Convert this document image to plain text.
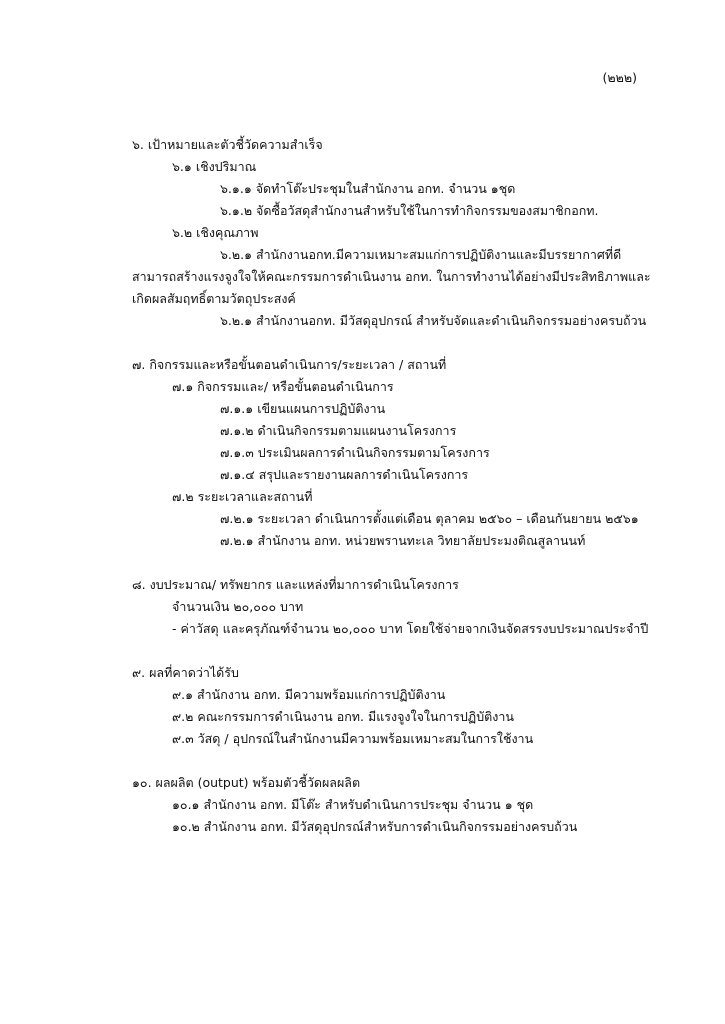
(๒๒๒)
๖. เป้าหมายและตัวชี้วัดความสำเร็จ
๖.๑ เชิงปริมาณ
๖.๑.๑ จัดทำโต๊ะประชุมในสำนักงาน อกท. จำนวน ๑ชุด
๖.๑.๒ จัดซื้อวัสดุสำนักงานสำหรับใช้ในการทำกิจกรรมของสมาชิกอกท.
๖.๒ เชิงคุณภาพ
๖.๒.๑ สำนักงานอกท.มีความเหมาะสมแก่การปฏิบัติงานและมีบรรยากาศที่ดี
สามารถสร้างแรงจูงใจให้คณะกรรมการดำเนินงาน อกท. ในการทำงานได้อย่างมีประสิทธิภาพและ
เกิดผลสัมฤทธิ์ตามวัตถุประสงค์
๖.๒.๑ สำนักงานอกท. มีวัสดุอุปกรณ์ สำหรับจัดและดำเนินกิจกรรมอย่างครบถ้วน
๗. กิจกรรมและหรือขั้นตอนดำเนินการ/ระยะเวลา / สถานที่
๗.๑ กิจกรรมและ/ หรือขั้นตอนดำเนินการ
๗.๑.๑ เขียนแผนการปฏิบัติงาน
๗.๑.๒ ดำเนินกิจกรรมตามแผนงานโครงการ
๗.๑.๓ ประเมินผลการดำเนินกิจกรรมตามโครงการ
๗.๑.๔ สรุปและรายงานผลการดำเนินโครงการ
๗.๒ ระยะเวลาและสถานที่
๗.๒.๑ ระยะเวลา ดำเนินการตั้งแต่เดือน ตุลาคม ๒๕๖๐ – เดือนกันยายน ๒๕๖๑
๗.๒.๑ สำนักงาน อกท. หน่วยพรานทะเล วิทยาลัยประมงติณสูลานนท์
๘. งบประมาณ/ ทรัพยากร และแหล่งที่มาการดำเนินโครงการ
จำนวนเงิน ๒๐,๐๐๐ บาท
- ค่าวัสดุ และครุภัณฑ์จำนวน ๒๐,๐๐๐ บาท โดยใช้จ่ายจากเงินจัดสรรงบประมาณประจำปี
๙. ผลที่คาดว่าได้รับ
๙.๑ สำนักงาน อกท. มีความพร้อมแก่การปฏิบัติงาน
๙.๒ คณะกรรมการดำเนินงาน อกท. มีแรงจูงใจในการปฏิบัติงาน
๙.๓ วัสดุ / อุปกรณ์ในสำนักงานมีความพร้อมเหมาะสมในการใช้งาน
๑๐. ผลผลิต (output) พร้อมตัวชี้วัดผลผลิต
๑๐.๑ สำนักงาน อกท. มีโต๊ะ สำหรับดำเนินการประชุม จำนวน ๑ ชุด
๑๐.๒ สำนักงาน อกท. มีวัสดุอุปกรณ์สำหรับการดำเนินกิจกรรมอย่างครบถ้วน
